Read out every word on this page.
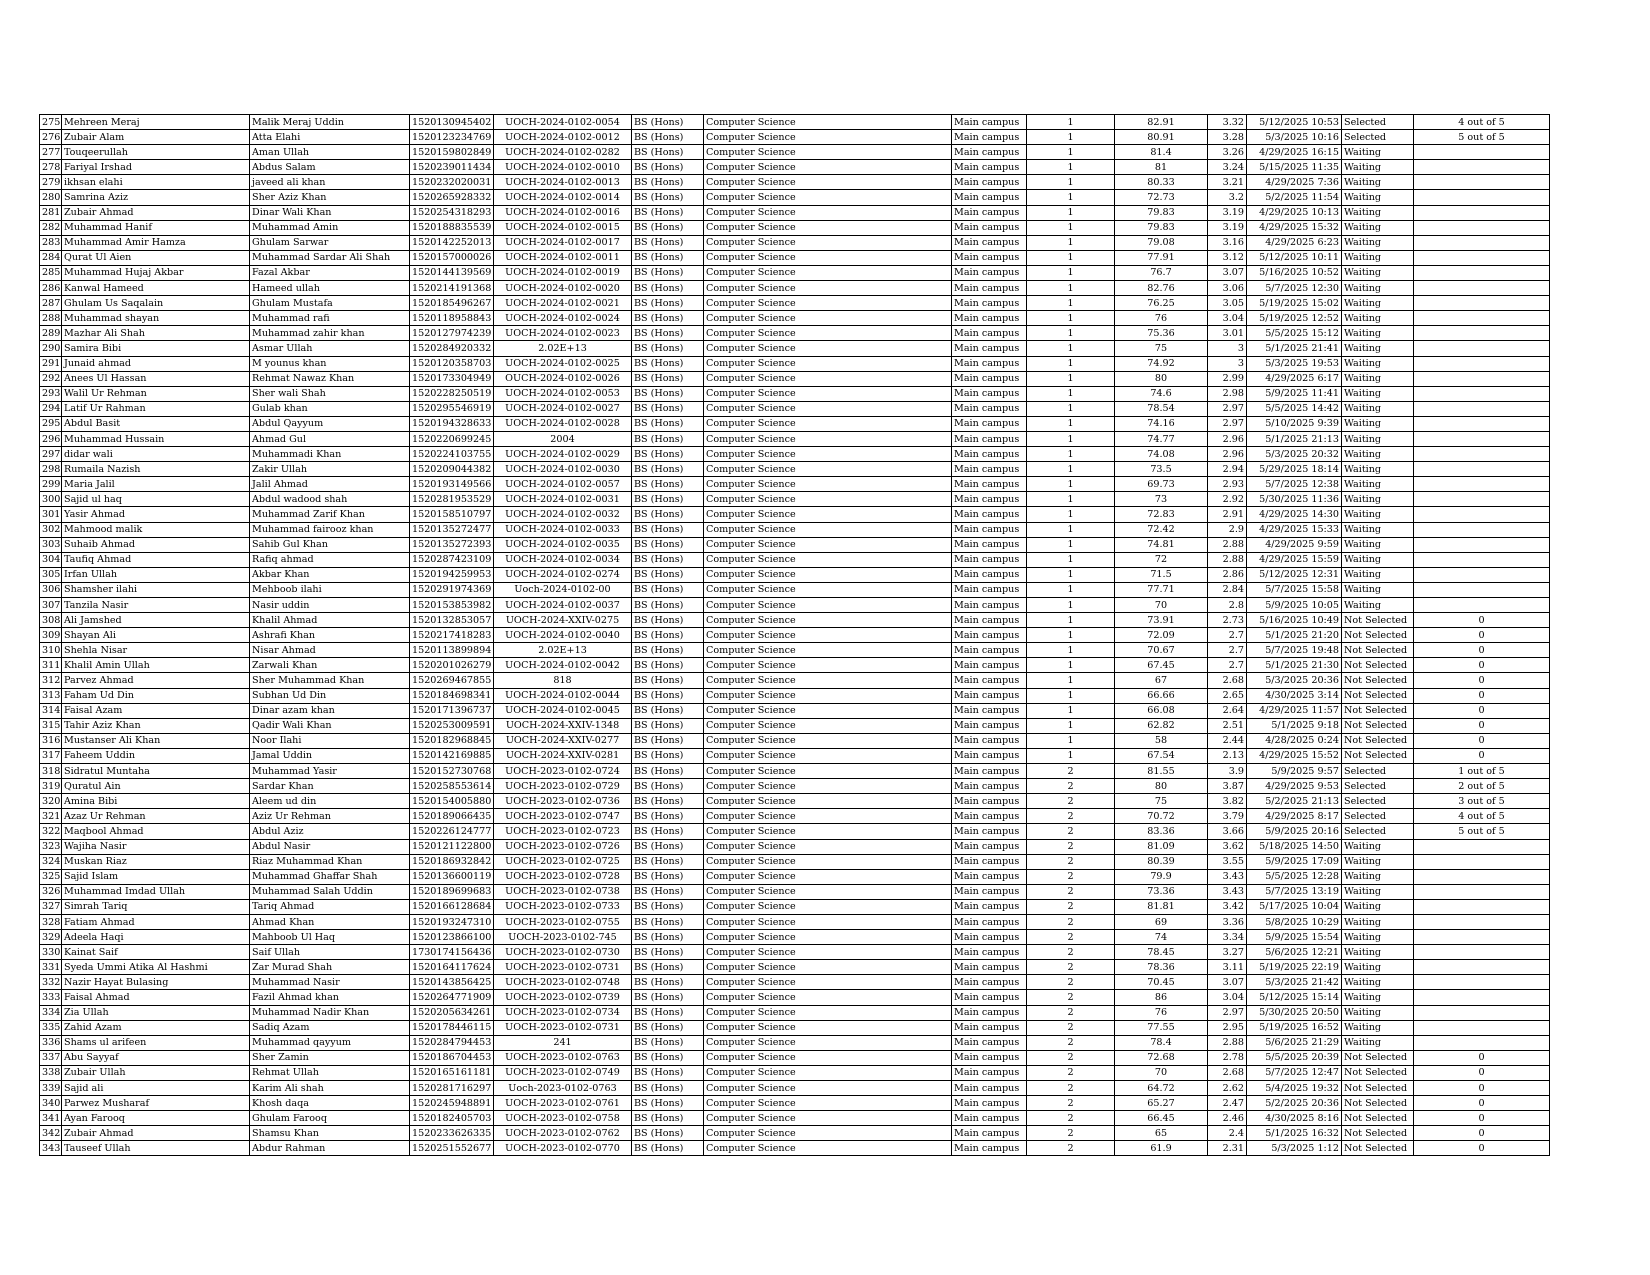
275	Mehreen Meraj	Malik Meraj Uddin	1520130945402	UOCH-2024-0102-0054	BS (Hons)	Computer Science	Main campus	1	82.91	3.32	5/12/2025 10:53	Selected	4 out of 5
276	Zubair Alam	Atta Elahi	1520123234769	UOCH-2024-0102-0012	BS (Hons)	Computer Science	Main campus	1	80.91	3.28	5/3/2025 10:16	Selected	5 out of 5
277	Touqeerullah	Aman Ullah	1520159802849	UOCH-2024-0102-0282	BS (Hons)	Computer Science	Main campus	1	81.4	3.26	4/29/2025 16:15	Waiting	
278	Fariyal Irshad	Abdus Salam	1520239011434	UOCH-2024-0102-0010	BS (Hons)	Computer Science	Main campus	1	81	3.24	5/15/2025 11:35	Waiting	
279	ikhsan elahi	javeed ali khan	1520232020031	UOCH-2024-0102-0013	BS (Hons)	Computer Science	Main campus	1	80.33	3.21	4/29/2025 7:36	Waiting	
280	Samrina Aziz	Sher Aziz Khan	1520265928332	UOCH-2024-0102-0014	BS (Hons)	Computer Science	Main campus	1	72.73	3.2	5/2/2025 11:54	Waiting	
281	Zubair Ahmad	Dinar Wali Khan	1520254318293	UOCH-2024-0102-0016	BS (Hons)	Computer Science	Main campus	1	79.83	3.19	4/29/2025 10:13	Waiting	
282	Muhammad Hanif	Muhammad Amin	1520188835539	UOCH-2024-0102-0015	BS (Hons)	Computer Science	Main campus	1	79.83	3.19	4/29/2025 15:32	Waiting	
283	Muhammad Amir Hamza	Ghulam Sarwar	1520142252013	UOCH-2024-0102-0017	BS (Hons)	Computer Science	Main campus	1	79.08	3.16	4/29/2025 6:23	Waiting	
284	Qurat Ul Aien	Muhammad Sardar Ali Shah	1520157000026	UOCH-2024-0102-0011	BS (Hons)	Computer Science	Main campus	1	77.91	3.12	5/12/2025 10:11	Waiting	
285	Muhammad Hujaj Akbar	Fazal Akbar	1520144139569	UOCH-2024-0102-0019	BS (Hons)	Computer Science	Main campus	1	76.7	3.07	5/16/2025 10:52	Waiting	
286	Kanwal Hameed	Hameed ullah	1520214191368	UOCH-2024-0102-0020	BS (Hons)	Computer Science	Main campus	1	82.76	3.06	5/7/2025 12:30	Waiting	
287	Ghulam Us Saqalain	Ghulam Mustafa	1520185496267	UOCH-2024-0102-0021	BS (Hons)	Computer Science	Main campus	1	76.25	3.05	5/19/2025 15:02	Waiting	
288	Muhammad shayan	Muhammad rafi	1520118958843	UOCH-2024-0102-0024	BS (Hons)	Computer Science	Main campus	1	76	3.04	5/19/2025 12:52	Waiting	
289	Mazhar Ali Shah	Muhammad zahir khan	1520127974239	UOCH-2024-0102-0023	BS (Hons)	Computer Science	Main campus	1	75.36	3.01	5/5/2025 15:12	Waiting	
290	Samira Bibi	Asmar Ullah	1520284920332	2.02E+13	BS (Hons)	Computer Science	Main campus	1	75	3	5/1/2025 21:41	Waiting	
291	Junaid ahmad	M younus khan	1520120358703	UOCH-2024-0102-0025	BS (Hons)	Computer Science	Main campus	1	74.92	3	5/3/2025 19:53	Waiting	
292	Anees Ul Hassan	Rehmat Nawaz Khan	1520173304949	OUCH-2024-0102-0026	BS (Hons)	Computer Science	Main campus	1	80	2.99	4/29/2025 6:17	Waiting	
293	Walil Ur Rehman	Sher wali Shah	1520228250519	UOCH-2024-0102-0053	BS (Hons)	Computer Science	Main campus	1	74.6	2.98	5/9/2025 11:41	Waiting	
294	Latif Ur Rahman	Gulab khan	1520295546919	UOCH-2024-0102-0027	BS (Hons)	Computer Science	Main campus	1	78.54	2.97	5/5/2025 14:42	Waiting	
295	Abdul Basit	Abdul Qayyum	1520194328633	UOCH-2024-0102-0028	BS (Hons)	Computer Science	Main campus	1	74.16	2.97	5/10/2025 9:39	Waiting	
296	Muhammad Hussain	Ahmad Gul	1520220699245	2004	BS (Hons)	Computer Science	Main campus	1	74.77	2.96	5/1/2025 21:13	Waiting	
297	didar wali	Muhammadi Khan	1520224103755	UOCH-2024-0102-0029	BS (Hons)	Computer Science	Main campus	1	74.08	2.96	5/3/2025 20:32	Waiting	
298	Rumaila Nazish	Zakir Ullah	1520209044382	UOCH-2024-0102-0030	BS (Hons)	Computer Science	Main campus	1	73.5	2.94	5/29/2025 18:14	Waiting	
299	Maria Jalil	Jalil Ahmad	1520193149566	UOCH-2024-0102-0057	BS (Hons)	Computer Science	Main campus	1	69.73	2.93	5/7/2025 12:38	Waiting	
300	Sajid ul haq	Abdul wadood shah	1520281953529	UOCH-2024-0102-0031	BS (Hons)	Computer Science	Main campus	1	73	2.92	5/30/2025 11:36	Waiting	
301	Yasir Ahmad	Muhammad Zarif Khan	1520158510797	UOCH-2024-0102-0032	BS (Hons)	Computer Science	Main campus	1	72.83	2.91	4/29/2025 14:30	Waiting	
302	Mahmood malik	Muhammad fairooz khan	1520135272477	UOCH-2024-0102-0033	BS (Hons)	Computer Science	Main campus	1	72.42	2.9	4/29/2025 15:33	Waiting	
303	Suhaib Ahmad	Sahib Gul Khan	1520135272393	UOCH-2024-0102-0035	BS (Hons)	Computer Science	Main campus	1	74.81	2.88	4/29/2025 9:59	Waiting	
304	Taufiq Ahmad	Rafiq ahmad	1520287423109	UOCH-2024-0102-0034	BS (Hons)	Computer Science	Main campus	1	72	2.88	4/29/2025 15:59	Waiting	
305	Irfan Ullah	Akbar Khan	1520194259953	UOCH-2024-0102-0274	BS (Hons)	Computer Science	Main campus	1	71.5	2.86	5/12/2025 12:31	Waiting	
306	Shamsher ilahi	Mehboob ilahi	1520291974369	Uoch-2024-0102-00	BS (Hons)	Computer Science	Main campus	1	77.71	2.84	5/7/2025 15:58	Waiting	
307	Tanzila Nasir	Nasir uddin	1520153853982	UOCH-2024-0102-0037	BS (Hons)	Computer Science	Main campus	1	70	2.8	5/9/2025 10:05	Waiting	
308	Ali Jamshed	Khalil Ahmad	1520132853057	UOCH-2024-XXIV-0275	BS (Hons)	Computer Science	Main campus	1	73.91	2.73	5/16/2025 10:49	Not Selected	0
309	Shayan Ali	Ashrafi Khan	1520217418283	UOCH-2024-0102-0040	BS (Hons)	Computer Science	Main campus	1	72.09	2.7	5/1/2025 21:20	Not Selected	0
310	Shehla Nisar	Nisar Ahmad	1520113899894	2.02E+13	BS (Hons)	Computer Science	Main campus	1	70.67	2.7	5/7/2025 19:48	Not Selected	0
311	Khalil Amin Ullah	Zarwali Khan	1520201026279	UOCH-2024-0102-0042	BS (Hons)	Computer Science	Main campus	1	67.45	2.7	5/1/2025 21:30	Not Selected	0
312	Parvez Ahmad	Sher Muhammad Khan	1520269467855	818	BS (Hons)	Computer Science	Main campus	1	67	2.68	5/3/2025 20:36	Not Selected	0
313	Faham Ud Din	Subhan Ud Din	1520184698341	UOCH-2024-0102-0044	BS (Hons)	Computer Science	Main campus	1	66.66	2.65	4/30/2025 3:14	Not Selected	0
314	Faisal Azam	Dinar azam khan	1520171396737	UOCH-2024-0102-0045	BS (Hons)	Computer Science	Main campus	1	66.08	2.64	4/29/2025 11:57	Not Selected	0
315	Tahir Aziz Khan	Qadir Wali Khan	1520253009591	UOCH-2024-XXIV-1348	BS (Hons)	Computer Science	Main campus	1	62.82	2.51	5/1/2025 9:18	Not Selected	0
316	Mustanser Ali Khan	Noor Ilahi	1520182968845	UOCH-2024-XXIV-0277	BS (Hons)	Computer Science	Main campus	1	58	2.44	4/28/2025 0:24	Not Selected	0
317	Faheem Uddin	Jamal Uddin	1520142169885	UOCH-2024-XXIV-0281	BS (Hons)	Computer Science	Main campus	1	67.54	2.13	4/29/2025 15:52	Not Selected	0
318	Sidratul Muntaha	Muhammad Yasir	1520152730768	UOCH-2023-0102-0724	BS (Hons)	Computer Science	Main campus	2	81.55	3.9	5/9/2025 9:57	Selected	1 out of 5
319	Quratul Ain	Sardar Khan	1520258553614	UOCH-2023-0102-0729	BS (Hons)	Computer Science	Main campus	2	80	3.87	4/29/2025 9:53	Selected	2 out of 5
320	Amina Bibi	Aleem ud din	1520154005880	UOCH-2023-0102-0736	BS (Hons)	Computer Science	Main campus	2	75	3.82	5/2/2025 21:13	Selected	3 out of 5
321	Azaz Ur Rehman	Aziz Ur Rehman	1520189066435	UOCH-2023-0102-0747	BS (Hons)	Computer Science	Main campus	2	70.72	3.79	4/29/2025 8:17	Selected	4 out of 5
322	Maqbool Ahmad	Abdul Aziz	1520226124777	UOCH-2023-0102-0723	BS (Hons)	Computer Science	Main campus	2	83.36	3.66	5/9/2025 20:16	Selected	5 out of 5
323	Wajiha Nasir	Abdul Nasir	1520121122800	UOCH-2023-0102-0726	BS (Hons)	Computer Science	Main campus	2	81.09	3.62	5/18/2025 14:50	Waiting	
324	Muskan Riaz	Riaz Muhammad Khan	1520186932842	UOCH-2023-0102-0725	BS (Hons)	Computer Science	Main campus	2	80.39	3.55	5/9/2025 17:09	Waiting	
325	Sajid Islam	Muhammad Ghaffar Shah	1520136600119	UOCH-2023-0102-0728	BS (Hons)	Computer Science	Main campus	2	79.9	3.43	5/5/2025 12:28	Waiting	
326	Muhammad Imdad Ullah	Muhammad Salah Uddin	1520189699683	UOCH-2023-0102-0738	BS (Hons)	Computer Science	Main campus	2	73.36	3.43	5/7/2025 13:19	Waiting	
327	Simrah Tariq	Tariq Ahmad	1520166128684	UOCH-2023-0102-0733	BS (Hons)	Computer Science	Main campus	2	81.81	3.42	5/17/2025 10:04	Waiting	
328	Fatiam Ahmad	Ahmad Khan	1520193247310	UOCH-2023-0102-0755	BS (Hons)	Computer Science	Main campus	2	69	3.36	5/8/2025 10:29	Waiting	
329	Adeela Haqi	Mahboob Ul Haq	1520123866100	UOCH-2023-0102-745	BS (Hons)	Computer Science	Main campus	2	74	3.34	5/9/2025 15:54	Waiting	
330	Kainat Saif	Saif Ullah	1730174156436	UOCH-2023-0102-0730	BS (Hons)	Computer Science	Main campus	2	78.45	3.27	5/6/2025 12:21	Waiting	
331	Syeda Ummi Atika Al Hashmi	Zar Murad Shah	1520164117624	UOCH-2023-0102-0731	BS (Hons)	Computer Science	Main campus	2	78.36	3.11	5/19/2025 22:19	Waiting	
332	Nazir Hayat Bulasing	Muhammad Nasir	1520143856425	UOCH-2023-0102-0748	BS (Hons)	Computer Science	Main campus	2	70.45	3.07	5/3/2025 21:42	Waiting	
333	Faisal Ahmad	Fazil Ahmad khan	1520264771909	UOCH-2023-0102-0739	BS (Hons)	Computer Science	Main campus	2	86	3.04	5/12/2025 15:14	Waiting	
334	Zia Ullah	Muhammad Nadir Khan	1520205634261	UOCH-2023-0102-0734	BS (Hons)	Computer Science	Main campus	2	76	2.97	5/30/2025 20:50	Waiting	
335	Zahid Azam	Sadiq Azam	1520178446115	UOCH-2023-0102-0731	BS (Hons)	Computer Science	Main campus	2	77.55	2.95	5/19/2025 16:52	Waiting	
336	Shams ul arifeen	Muhammad qayyum	1520284794453	241	BS (Hons)	Computer Science	Main campus	2	78.4	2.88	5/6/2025 21:29	Waiting	
337	Abu Sayyaf	Sher Zamin	1520186704453	UOCH-2023-0102-0763	BS (Hons)	Computer Science	Main campus	2	72.68	2.78	5/5/2025 20:39	Not Selected	0
338	Zubair Ullah	Rehmat Ullah	1520165161181	UOCH-2023-0102-0749	BS (Hons)	Computer Science	Main campus	2	70	2.68	5/7/2025 12:47	Not Selected	0
339	Sajid ali	Karim Ali shah	1520281716297	Uoch-2023-0102-0763	BS (Hons)	Computer Science	Main campus	2	64.72	2.62	5/4/2025 19:32	Not Selected	0
340	Parwez Musharaf	Khosh daqa	1520245948891	UOCH-2023-0102-0761	BS (Hons)	Computer Science	Main campus	2	65.27	2.47	5/2/2025 20:36	Not Selected	0
341	Ayan Farooq	Ghulam Farooq	1520182405703	UOCH-2023-0102-0758	BS (Hons)	Computer Science	Main campus	2	66.45	2.46	4/30/2025 8:16	Not Selected	0
342	Zubair Ahmad	Shamsu Khan	1520233626335	UOCH-2023-0102-0762	BS (Hons)	Computer Science	Main campus	2	65	2.4	5/1/2025 16:32	Not Selected	0
343	Tauseef Ullah	Abdur Rahman	1520251552677	UOCH-2023-0102-0770	BS (Hons)	Computer Science	Main campus	2	61.9	2.31	5/3/2025 1:12	Not Selected	0
